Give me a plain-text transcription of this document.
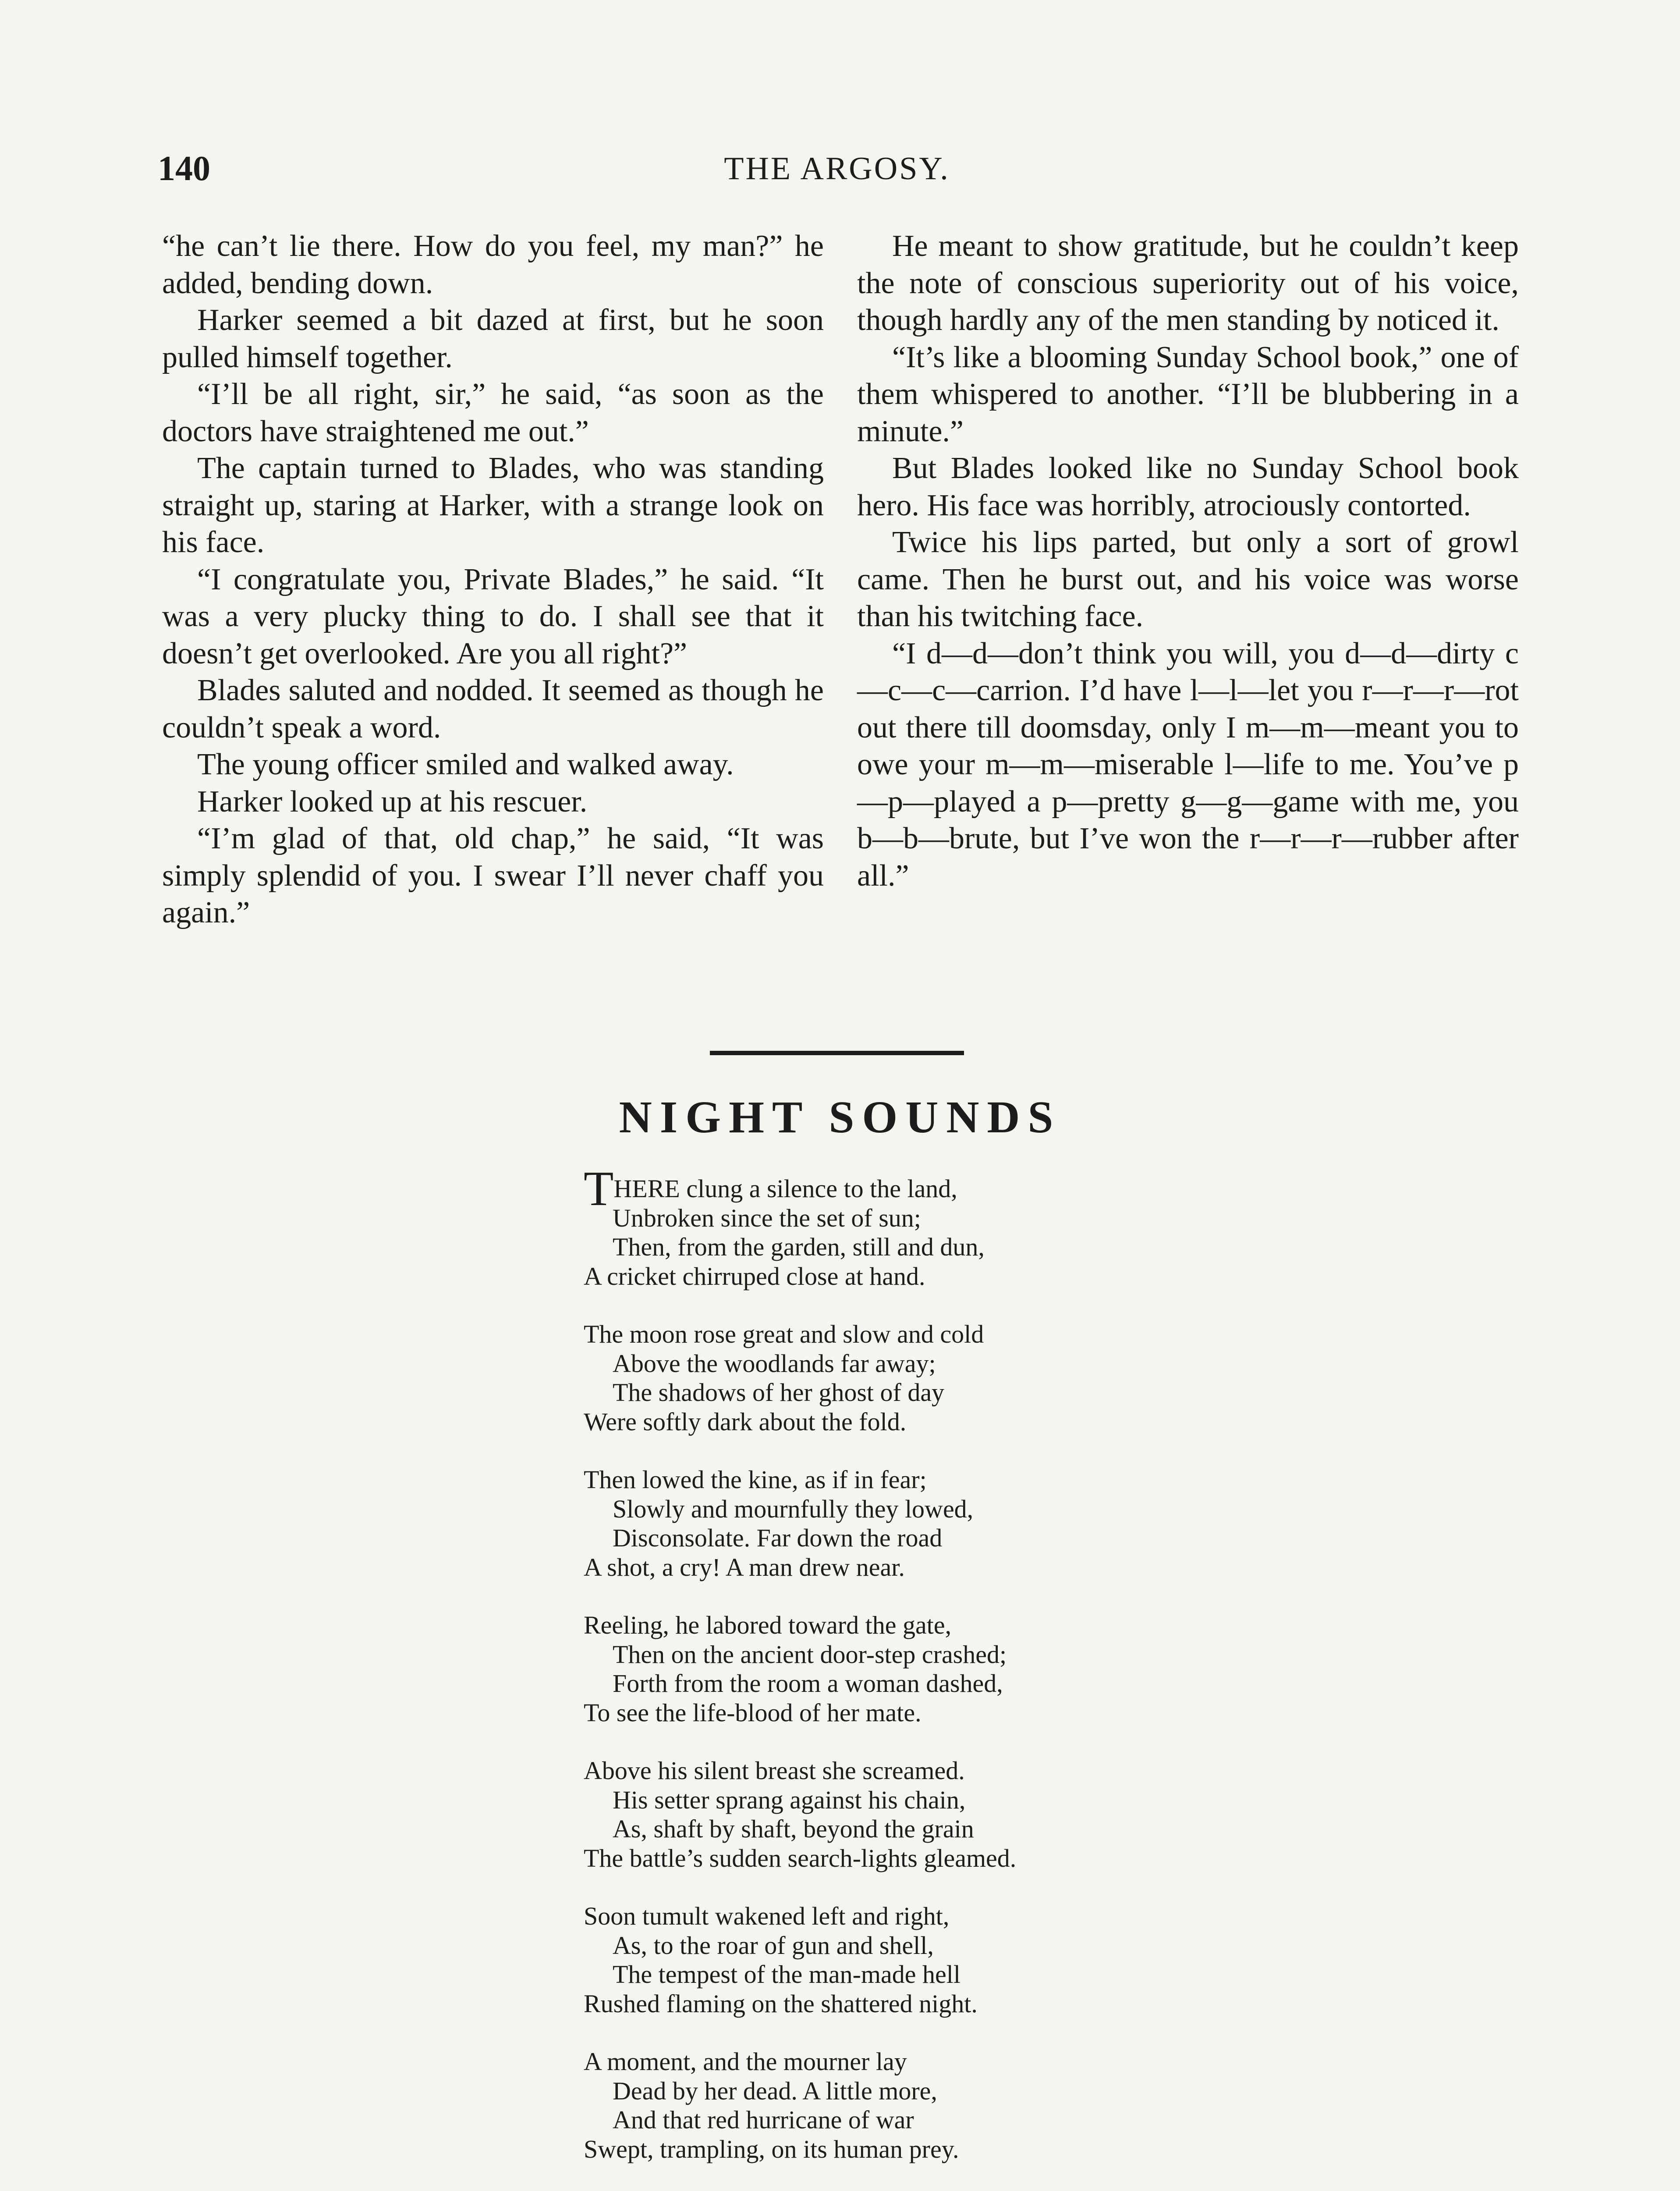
140	THE ARGOSY.

“he can’t lie there. How do you feel, my man?” he added, bending down.

Harker seemed a bit dazed at first, but he soon pulled himself together.

“I’ll be all right, sir,” he said, “as soon as the doctors have straightened me out.”

The captain turned to Blades, who was standing straight up, staring at Harker, with a strange look on his face.

“I congratulate you, Private Blades,” he said. “It was a very plucky thing to do. I shall see that it doesn’t get overlooked. Are you all right?”

Blades saluted and nodded. It seemed as though he couldn’t speak a word.

The young officer smiled and walked away.

Harker looked up at his rescuer.

“I’m glad of that, old chap,” he said, “It was simply splendid of you. I swear I’ll never chaff you again.”

He meant to show gratitude, but he couldn’t keep the note of conscious superiority out of his voice, though hardly any of the men standing by noticed it.

“It’s like a blooming Sunday School book,” one of them whispered to another. “I’ll be blubbering in a minute.”

But Blades looked like no Sunday School book hero. His face was horribly, atrociously contorted.

Twice his lips parted, but only a sort of growl came. Then he burst out, and his voice was worse than his twitching face.

“I d—d—don’t think you will, you d—d—dirty c—c—c—carrion. I’d have l—l—let you r—r—r—rot out there till doomsday, only I m—m—meant you to owe your m—m—miserable l—life to me. You’ve p—p—played a p—pretty g—g—game with me, you b—b—brute, but I’ve won the r—r—r—rubber after all.”

NIGHT SOUNDS
THERE clung a silence to the land,
Unbroken since the set of sun;
Then, from the garden, still and dun,
A cricket chirruped close at hand.
The moon rose great and slow and cold
Above the woodlands far away;
The shadows of her ghost of day
Were softly dark about the fold.
Then lowed the kine, as if in fear;
Slowly and mournfully they lowed,
Disconsolate. Far down the road
A shot, a cry! A man drew near.
Reeling, he labored toward the gate,
Then on the ancient door-step crashed;
Forth from the room a woman dashed,
To see the life-blood of her mate.
Above his silent breast she screamed.
His setter sprang against his chain,
As, shaft by shaft, beyond the grain
The battle’s sudden search-lights gleamed.
Soon tumult wakened left and right,
As, to the roar of gun and shell,
The tempest of the man-made hell
Rushed flaming on the shattered night.
A moment, and the mourner lay
Dead by her dead. A little more,
And that red hurricane of war
Swept, trampling, on its human prey.
